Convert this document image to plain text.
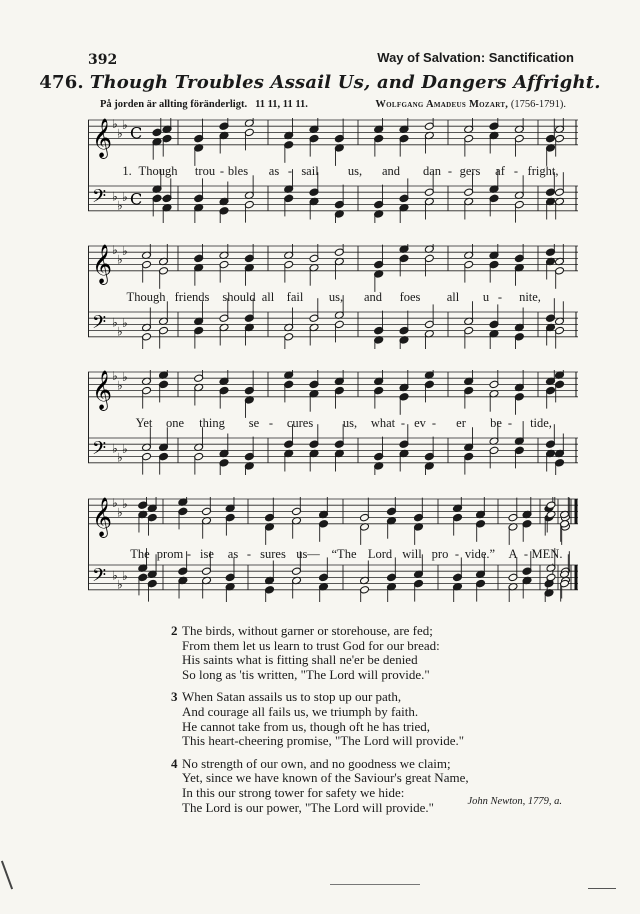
392	Way of Salvation: Sanctification
476. Though Troubles Assail Us, and Dangers Affright.
På jorden är allting föränderligt. 11 11, 11 11.	Wolfgang Amadeus Mozart, (1756-1791).
𝄞
𝄢
♭
♭
♭
♭
♭
♭
C
C
1. Though trou - bles as - sail us, and dan - gers af - fright,
𝄞
𝄢
♭
♭
♭
♭
♭
♭
Though friends should all fail us, and foes all u - nite,
𝄞
𝄢
♭
♭
♭
♭
♭
♭
Yet one thing se - cures us, what - ev - er be - tide,
𝄞
𝄢
♭
♭
♭
♭
♭
♭
The prom - ise as - sures us— “The Lord will pro - vide.” A - MEN.
2 The birds, without garner or storehouse, are fed;
From them let us learn to trust God for our bread:
His saints what is fitting shall ne'er be denied
So long as 'tis written, "The Lord will provide."
3 When Satan assails us to stop up our path,
And courage all fails us, we triumph by faith.
He cannot take from us, though oft he has tried,
This heart-cheering promise, "The Lord will provide."
4 No strength of our own, and no goodness we claim;
Yet, since we have known of the Saviour's great Name,
In this our strong tower for safety we hide:
The Lord is our power, "The Lord will provide."	John Newton, 1779, a.
